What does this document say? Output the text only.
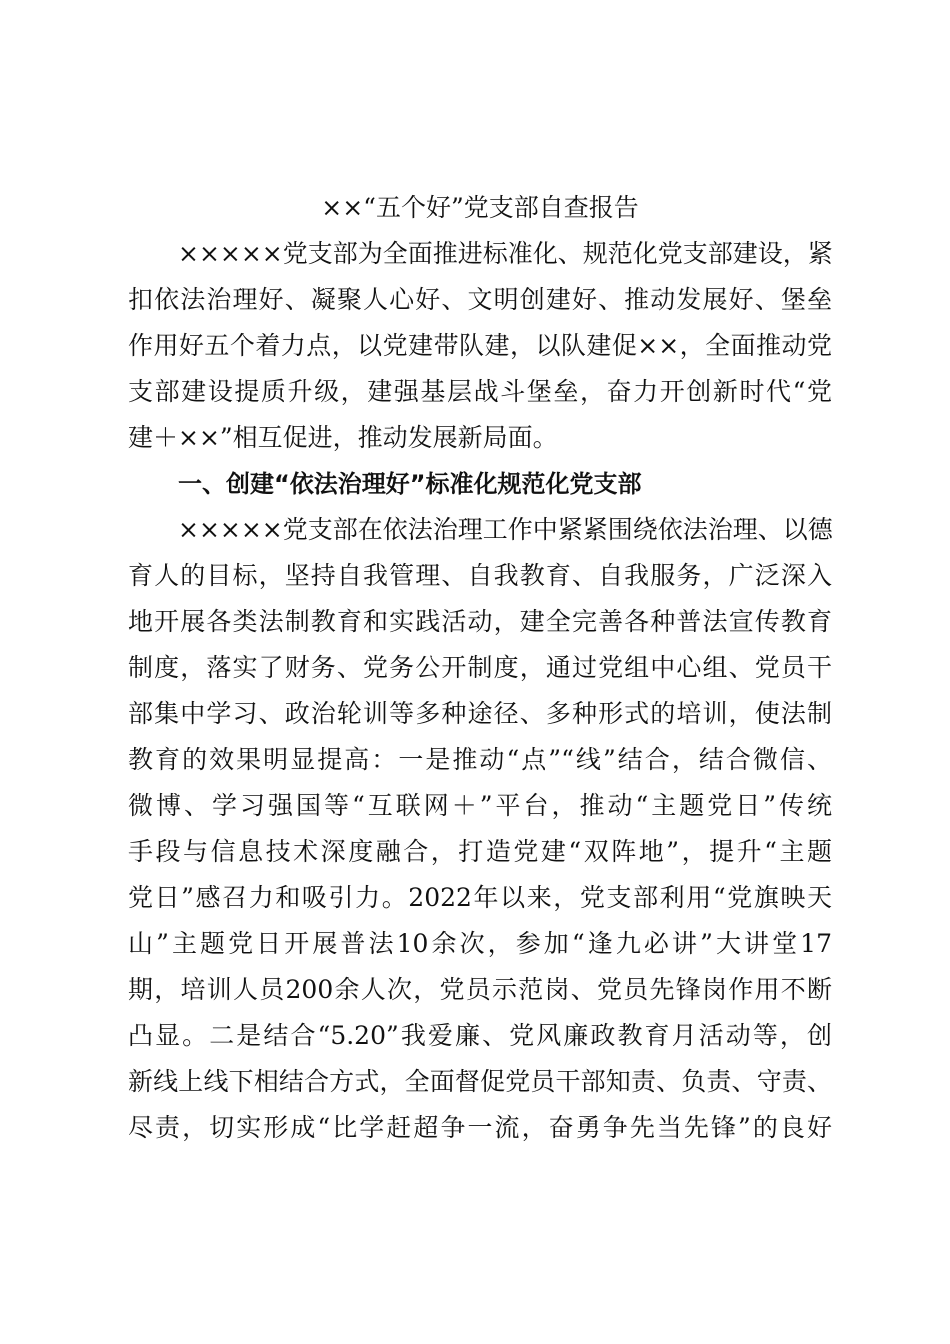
××“五个好”党支部自查报告
×××××党支部为全面推进标准化、规范化党支部建设，紧
扣依法治理好、凝聚人心好、文明创建好、推动发展好、堡垒
作用好五个着力点，以党建带队建，以队建促××，全面推动党
支部建设提质升级，建强基层战斗堡垒，奋力开创新时代“党
建＋××”相互促进，推动发展新局面。
一、创建“依法治理好”标准化规范化党支部
×××××党支部在依法治理工作中紧紧围绕依法治理、以德
育人的目标，坚持自我管理、自我教育、自我服务，广泛深入
地开展各类法制教育和实践活动，建全完善各种普法宣传教育
制度，落实了财务、党务公开制度，通过党组中心组、党员干
部集中学习、政治轮训等多种途径、多种形式的培训，使法制
教育的效果明显提高：一是推动“点”“线”结合，结合微信、
微博、学习强国等“互联网＋”平台，推动“主题党日”传统
手段与信息技术深度融合，打造党建“双阵地”，提升“主题
党日”感召力和吸引力。2022年以来，党支部利用“党旗映天
山”主题党日开展普法10余次，参加“逢九必讲”大讲堂17
期，培训人员200余人次，党员示范岗、党员先锋岗作用不断
凸显。二是结合“5.20”我爱廉、党风廉政教育月活动等，创
新线上线下相结合方式，全面督促党员干部知责、负责、守责、
尽责，切实形成“比学赶超争一流，奋勇争先当先锋”的良好
